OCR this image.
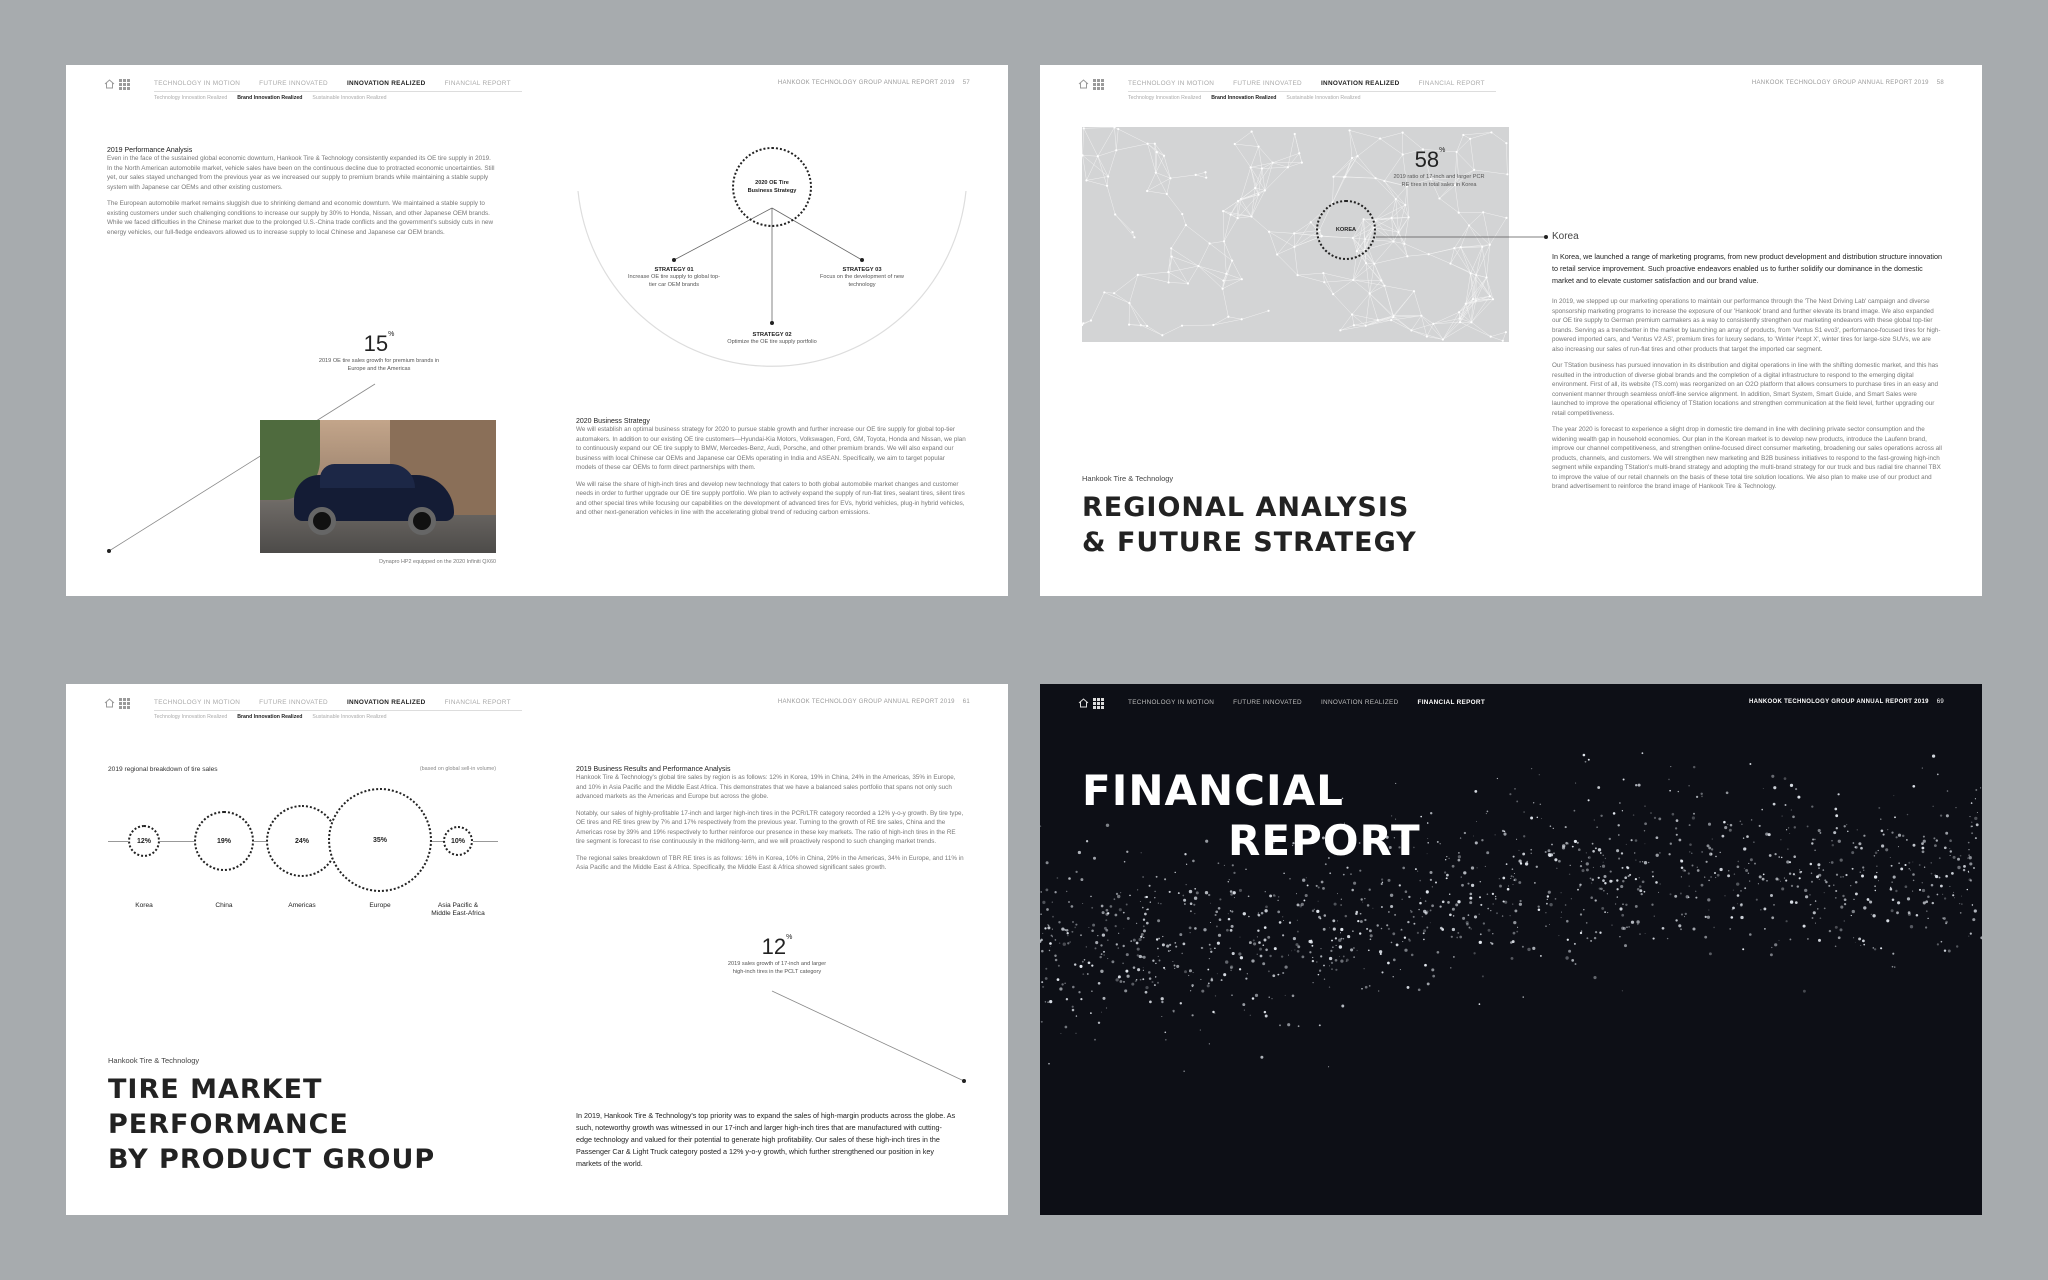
TECHNOLOGY IN MOTION	FUTURE INNOVATED	INNOVATION REALIZED	FINANCIAL REPORT
Technology Innovation Realized Brand Innovation Realized Sustainable Innovation Realized
HANKOOK TECHNOLOGY GROUP ANNUAL REPORT 2019 57
2019 Performance Analysis

Even in the face of the sustained global economic downturn, Hankook Tire & Technology consistently expanded its OE tire supply in 2019. In the North American automobile market, vehicle sales have been on the continuous decline due to protracted economic uncertainties. Still yet, our sales stayed unchanged from the previous year as we increased our supply to premium brands while maintaining a stable supply system with Japanese car OEMs and other existing customers.

The European automobile market remains sluggish due to shrinking demand and economic downturn. We maintained a stable supply to existing customers under such challenging conditions to increase our supply by 30% to Honda, Nissan, and other Japanese OEM brands. While we faced difficulties in the Chinese market due to the prolonged U.S.-China trade conflicts and the government's subsidy cuts in new energy vehicles, our full-fledge endeavors allowed us to increase supply to local Chinese and Japanese car OEM brands.

15%
2019 OE tire sales growth for premium brands in Europe and the Americas
Dynapro HP2 equipped on the 2020 Infiniti QX60
2020 OE Tire Business Strategy
STRATEGY 01
Increase OE tire supply to global top-tier car OEM brands
STRATEGY 03
Focus on the development of new technology
STRATEGY 02
Optimize the OE tire supply portfolio
2020 Business Strategy

We will establish an optimal business strategy for 2020 to pursue stable growth and further increase our OE tire supply for global top-tier automakers. In addition to our existing OE tire customers—Hyundai-Kia Motors, Volkswagen, Ford, GM, Toyota, Honda and Nissan, we plan to continuously expand our OE tire supply to BMW, Mercedes-Benz, Audi, Porsche, and other premium brands. We will also expand our business with local Chinese car OEMs and Japanese car OEMs operating in India and ASEAN. Specifically, we aim to target popular models of these car OEMs to form direct partnerships with them.

We will raise the share of high-inch tires and develop new technology that caters to both global automobile market changes and customer needs in order to further upgrade our OE tire supply portfolio. We plan to actively expand the supply of run-flat tires, sealant tires, silent tires and other special tires while focusing our capabilities on the development of advanced tires for EVs, hybrid vehicles, plug-in hybrid vehicles, and other next-generation vehicles in line with the accelerating global trend of reducing carbon emissions.

TECHNOLOGY IN MOTION	FUTURE INNOVATED	INNOVATION REALIZED	FINANCIAL REPORT
Technology Innovation Realized Brand Innovation Realized Sustainable Innovation Realized
HANKOOK TECHNOLOGY GROUP ANNUAL REPORT 2019 58
58%
2019 ratio of 17-inch and larger PCR RE tires in total sales in Korea
KOREA
Korea

In Korea, we launched a range of marketing programs, from new product development and distribution structure innovation to retail service improvement. Such proactive endeavors enabled us to further solidify our dominance in the domestic market and to elevate customer satisfaction and our brand value.

In 2019, we stepped up our marketing operations to maintain our performance through the 'The Next Driving Lab' campaign and diverse sponsorship marketing programs to increase the exposure of our 'Hankook' brand and further elevate its brand image. We also expanded our OE tire supply to German premium carmakers as a way to consistently strengthen our marketing endeavors with these global top-tier brands. Serving as a trendsetter in the market by launching an array of products, from 'Ventus S1 evo3', performance-focused tires for high-powered imported cars, and 'Ventus V2 AS', premium tires for luxury sedans, to 'Winter i*cept X', winter tires for large-size SUVs, we are also increasing our sales of run-flat tires and other products that target the imported car segment.

Our TStation business has pursued innovation in its distribution and digital operations in line with the shifting domestic market, and this has resulted in the introduction of diverse global brands and the completion of a digital infrastructure to respond to the emerging digital environment. First of all, its website (TS.com) was reorganized on an O2O platform that allows consumers to purchase tires in an easy and convenient manner through seamless on/off-line service alignment. In addition, Smart System, Smart Guide, and Smart Sales were launched to improve the operational efficiency of TStation locations and strengthen communication at the field level, further upgrading our retail competitiveness.

The year 2020 is forecast to experience a slight drop in domestic tire demand in line with declining private sector consumption and the widening wealth gap in household economies. Our plan in the Korean market is to develop new products, introduce the Laufenn brand, improve our channel competitiveness, and strengthen online-focused direct consumer marketing, broadening our sales operations across all products, channels, and customers. We will strengthen new marketing and B2B business initiatives to respond to the fast-growing high-inch segment while expanding TStation's multi-brand strategy and adopting the multi-brand strategy for our truck and bus radial tire channel TBX to improve the value of our retail channels on the basis of these total tire solution locations. We also plan to make use of our product and brand advertisement to reinforce the brand image of Hankook Tire & Technology.

Hankook Tire & Technology
REGIONAL ANALYSIS
& FUTURE STRATEGY
TECHNOLOGY IN MOTION	FUTURE INNOVATED	INNOVATION REALIZED	FINANCIAL REPORT
Technology Innovation Realized Brand Innovation Realized Sustainable Innovation Realized
HANKOOK TECHNOLOGY GROUP ANNUAL REPORT 2019 61
2019 regional breakdown of tire sales	(based on global sell-in volume)
12%	19%	24%	35%	10%
Korea	China	Americas	Europe	Asia Pacific &
Middle East-Africa
2019 Business Results and Performance Analysis

Hankook Tire & Technology's global tire sales by region is as follows: 12% in Korea, 19% in China, 24% in the Americas, 35% in Europe, and 10% in Asia Pacific and the Middle East Africa. This demonstrates that we have a balanced sales portfolio that spans not only such advanced markets as the Americas and Europe but across the globe.

Notably, our sales of highly-profitable 17-inch and larger high-inch tires in the PCR/LTR category recorded a 12% y-o-y growth. By tire type, OE tires and RE tires grew by 7% and 17% respectively from the previous year. Turning to the growth of RE tire sales, China and the Americas rose by 39% and 19% respectively to further reinforce our presence in these key markets. The ratio of high-inch tires in the RE tire segment is forecast to rise continuously in the mid/long-term, and we will proactively respond to such changing market trends.

The regional sales breakdown of TBR RE tires is as follows: 16% in Korea, 10% in China, 29% in the Americas, 34% in Europe, and 11% in Asia Pacific and the Middle East & Africa. Specifically, the Middle East & Africa showed significant sales growth.

12%
2019 sales growth of 17-inch and larger high-inch tires in the PCLT category
Hankook Tire & Technology
TIRE MARKET
PERFORMANCE
BY PRODUCT GROUP

In 2019, Hankook Tire & Technology's top priority was to expand the sales of high-margin products across the globe. As such, noteworthy growth was witnessed in our 17-inch and larger high-inch tires that are manufactured with cutting-edge technology and valued for their potential to generate high profitability. Our sales of these high-inch tires in the Passenger Car & Light Truck category posted a 12% y-o-y growth, which further strengthened our position in key markets of the world.

TECHNOLOGY IN MOTION	FUTURE INNOVATED	INNOVATION REALIZED	FINANCIAL REPORT	HANKOOK TECHNOLOGY GROUP ANNUAL REPORT 2019 69
FINANCIAL
REPORT
